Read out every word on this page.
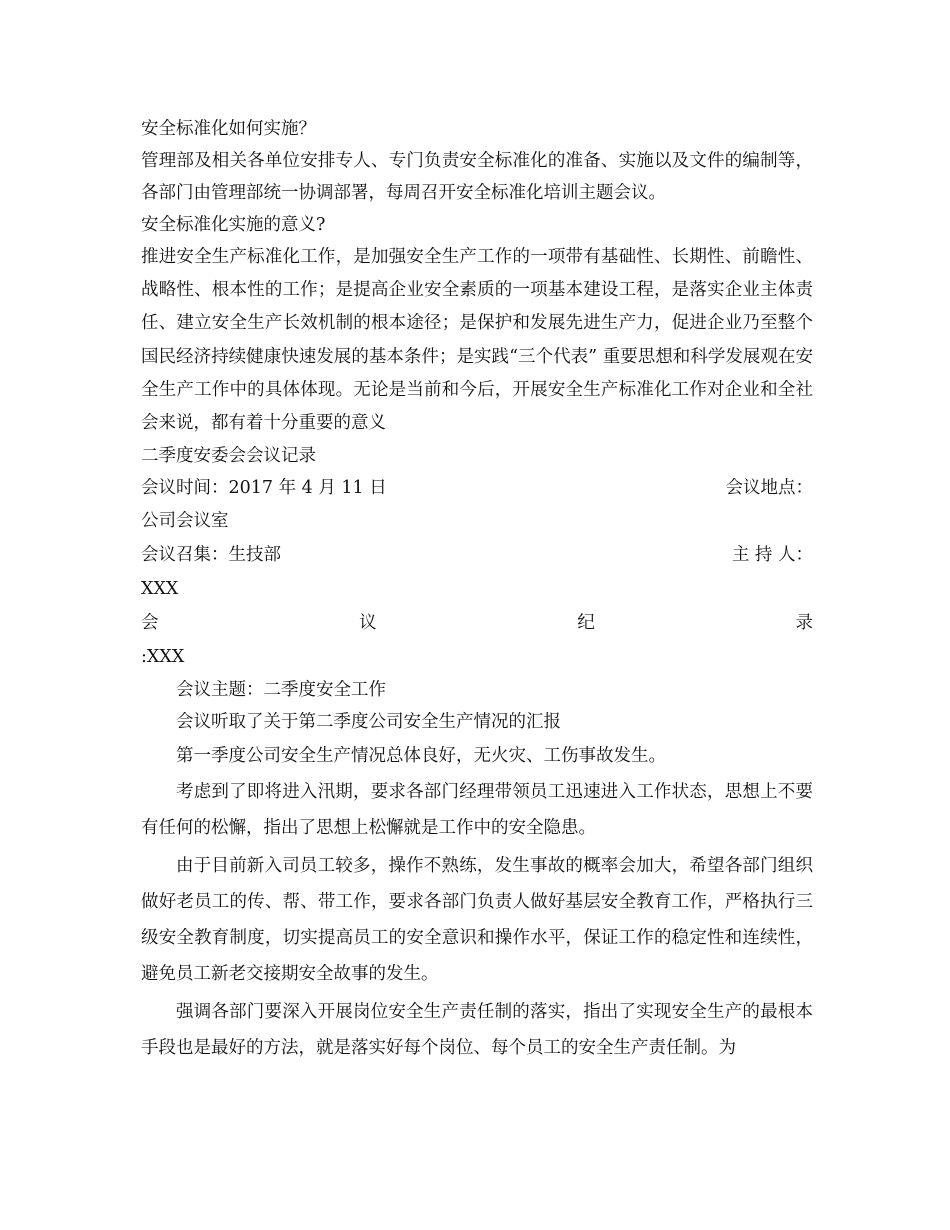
安全标准化如何实施？
管理部及相关各单位安排专人、专门负责安全标准化的准备、实施以及文件的编制等，各部门由管理部统一协调部署，每周召开安全标准化培训主题会议。
安全标准化实施的意义?
推进安全生产标准化工作，是加强安全生产工作的一项带有基础性、长期性、前瞻性、战略性、根本性的工作；是提高企业安全素质的一项基本建设工程，是落实企业主体责任、建立安全生产长效机制的根本途径；是保护和发展先进生产力，促进企业乃至整个国民经济持续健康快速发展的基本条件；是实践“三个代表” 重要思想和科学发展观在安全生产工作中的具体体现。无论是当前和今后，开展安全生产标准化工作对企业和全社会来说，都有着十分重要的意义
二季度安委会会议记录
会议时间：2017 年 4 月 11 日	会议地点：
公司会议室
会议召集：生技部	主 持 人：
XXX
会	议	纪	录
:XXX
会议主题：二季度安全工作
会议听取了关于第二季度公司安全生产情况的汇报
第一季度公司安全生产情况总体良好，无火灾、工伤事故发生。
考虑到了即将进入汛期，要求各部门经理带领员工迅速进入工作状态，思想上不要有任何的松懈，指出了思想上松懈就是工作中的安全隐患。
由于目前新入司员工较多，操作不熟练，发生事故的概率会加大，希望各部门组织做好老员工的传、帮、带工作，要求各部门负责人做好基层安全教育工作，严格执行三级安全教育制度，切实提高员工的安全意识和操作水平，保证工作的稳定性和连续性，避免员工新老交接期安全故事的发生。
强调各部门要深入开展岗位安全生产责任制的落实，指出了实现安全生产的最根本手段也是最好的方法，就是落实好每个岗位、每个员工的安全生产责任制。为
